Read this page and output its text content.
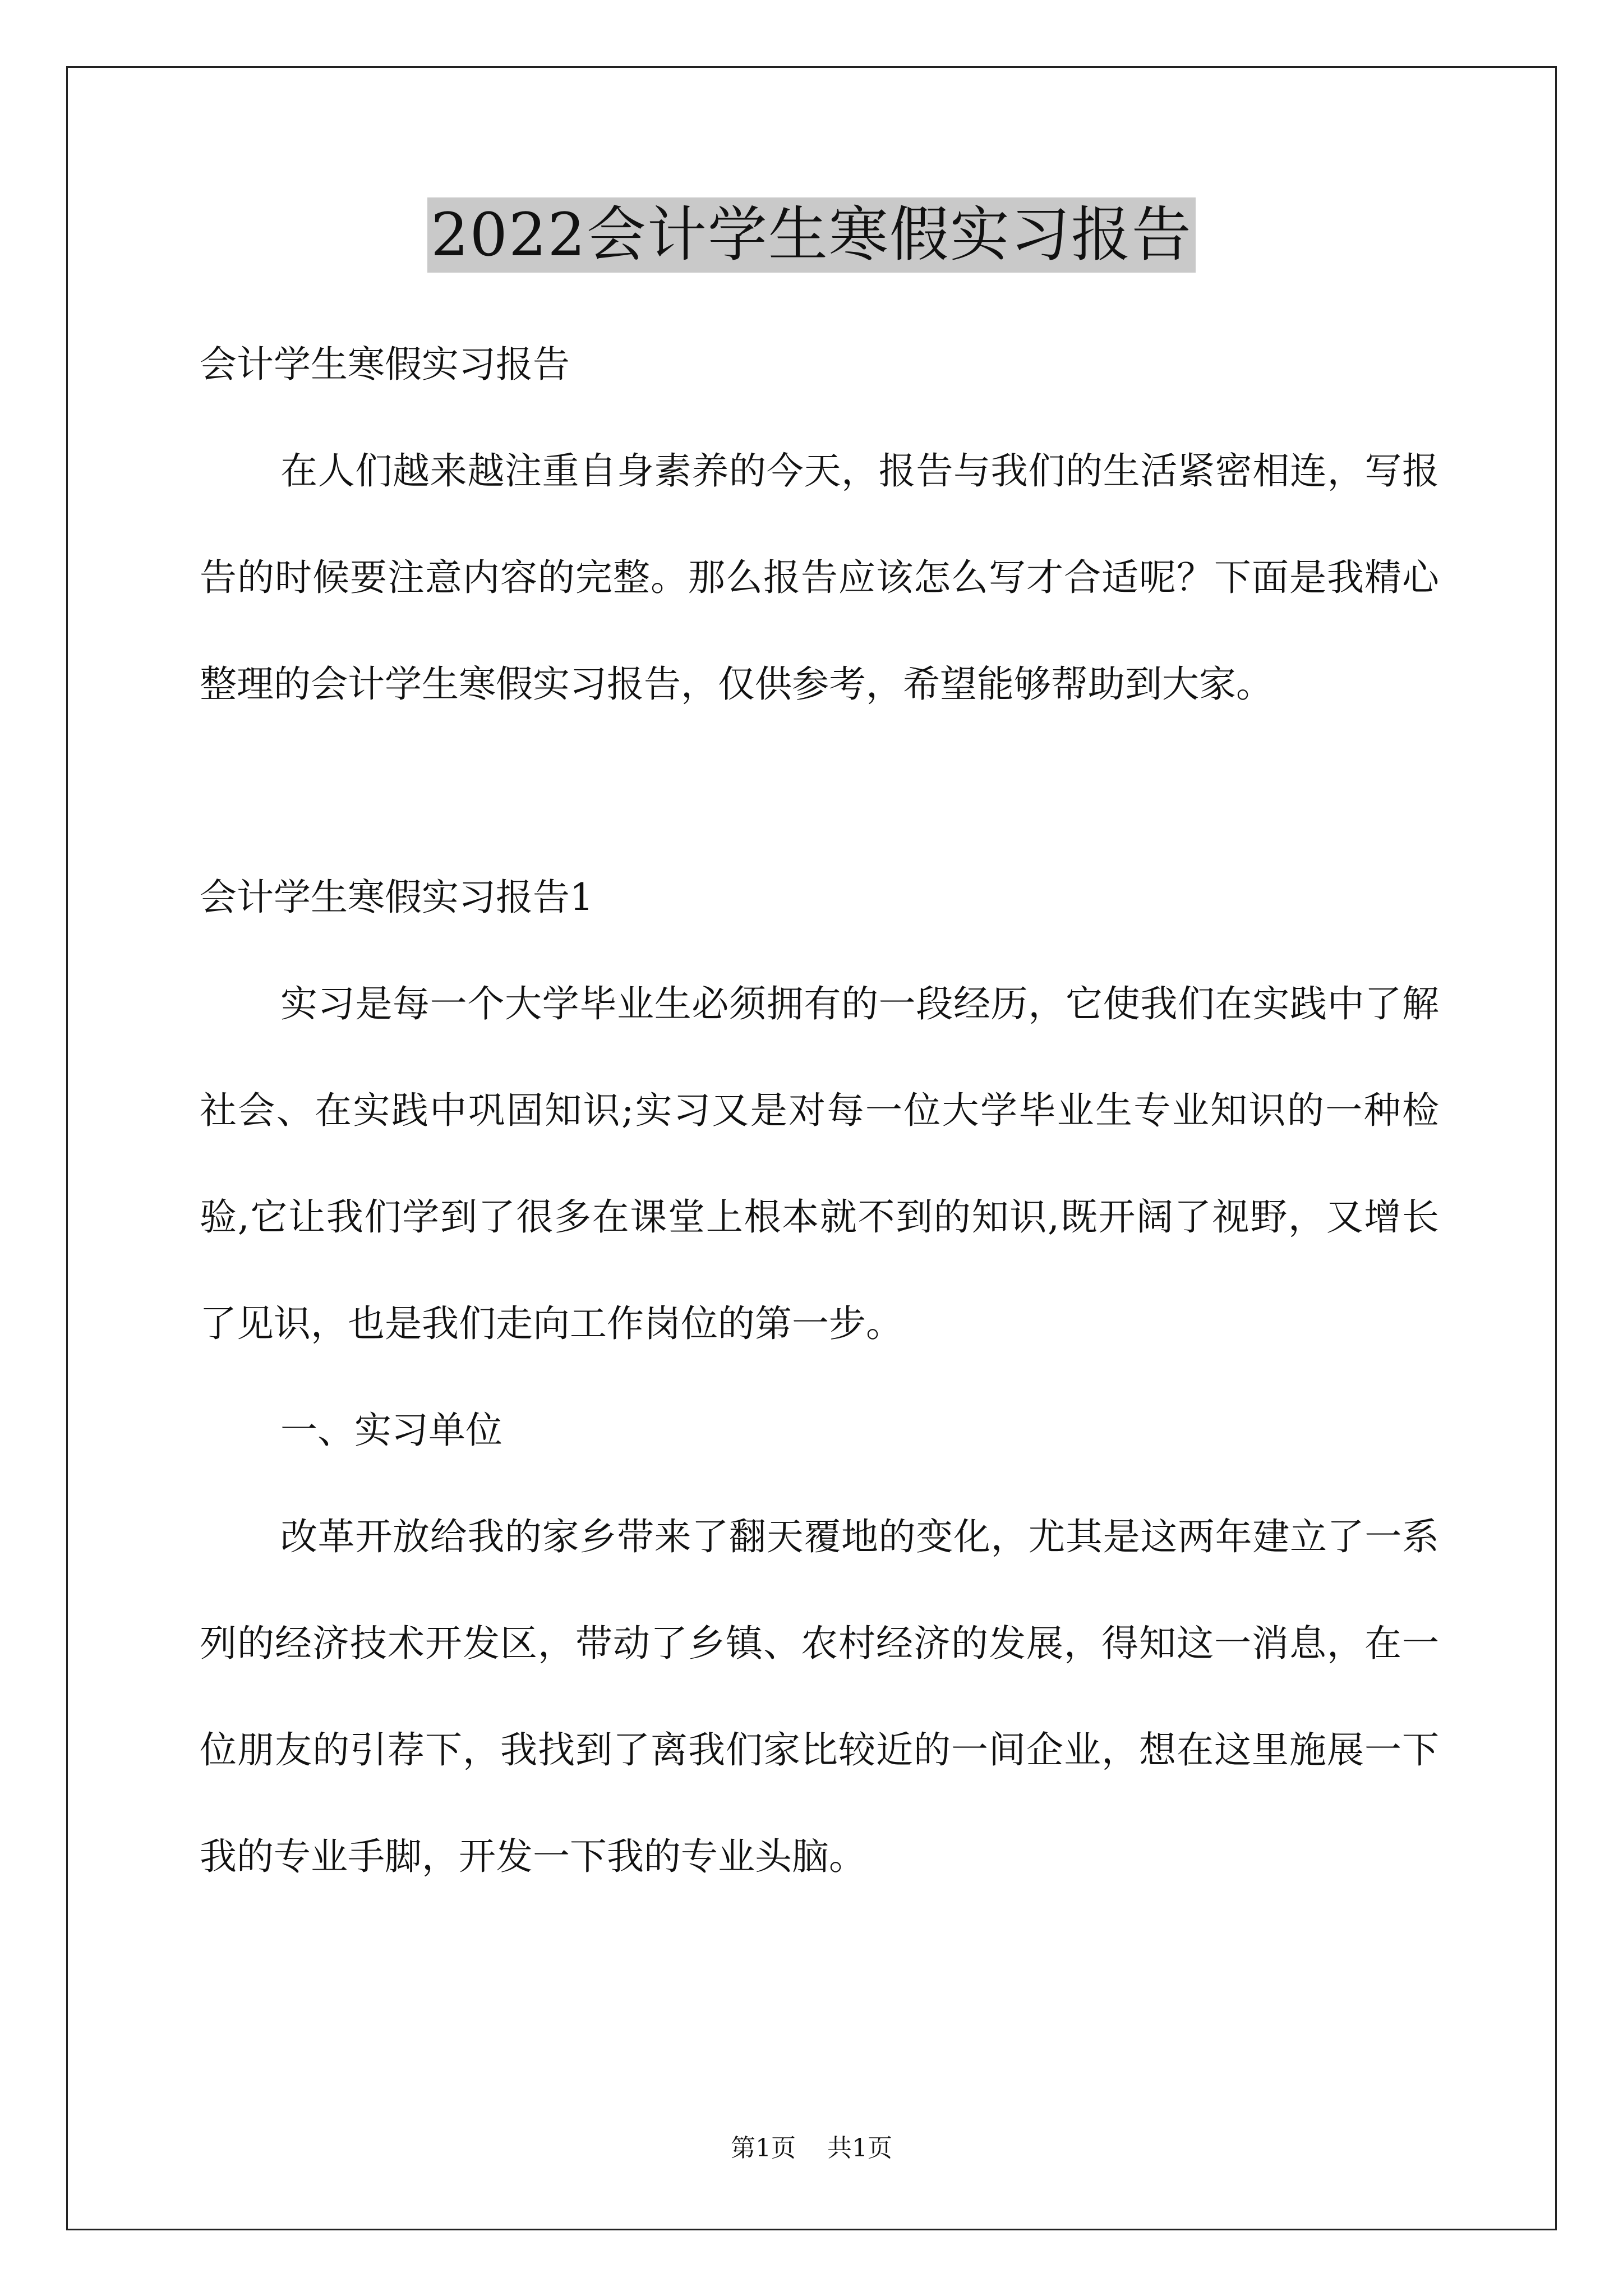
2022会计学生寒假实习报告

会计学生寒假实习报告

在人们越来越注重自身素养的今天，报告与我们的生活紧密相连，写报告的时候要注意内容的完整。那么报告应该怎么写才合适呢？下面是我精心整理的会计学生寒假实习报告，仅供参考，希望能够帮助到大家。

会计学生寒假实习报告1

实习是每一个大学毕业生必须拥有的一段经历，它使我们在实践中了解社会、在实践中巩固知识;实习又是对每一位大学毕业生专业知识的一种检验,它让我们学到了很多在课堂上根本就不到的知识,既开阔了视野，又增长了见识，也是我们走向工作岗位的第一步。

一、实习单位

改革开放给我的家乡带来了翻天覆地的变化，尤其是这两年建立了一系列的经济技术开发区，带动了乡镇、农村经济的发展，得知这一消息，在一位朋友的引荐下，我找到了离我们家比较近的一间企业，想在这里施展一下我的专业手脚，开发一下我的专业头脑。

第1页 共1页
